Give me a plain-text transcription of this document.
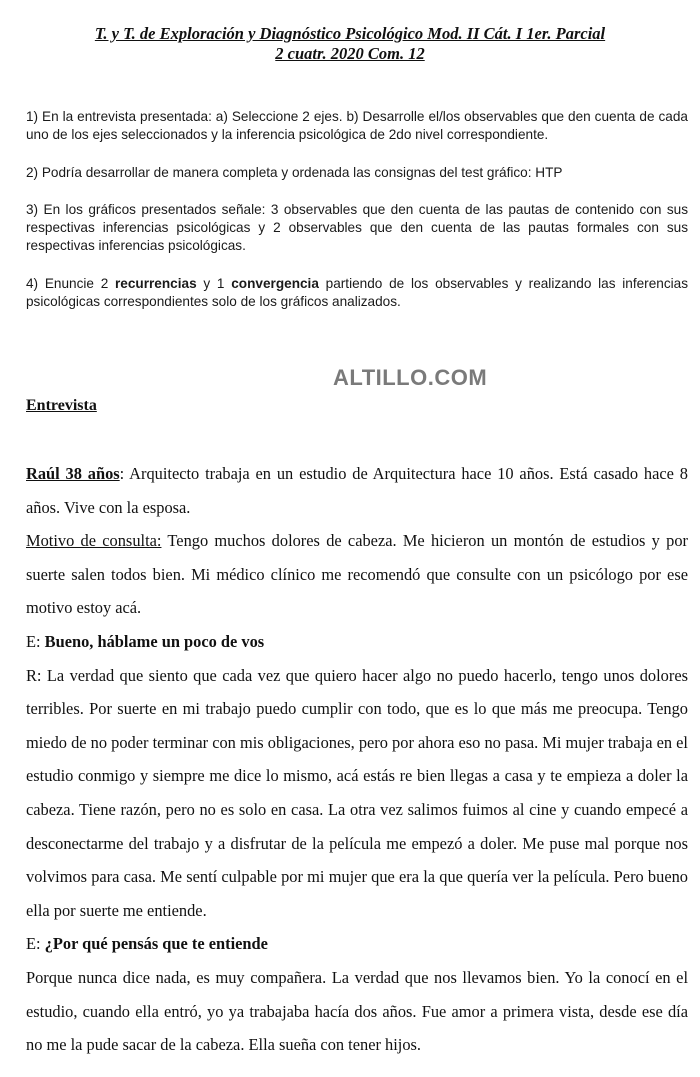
T. y T. de Exploración y Diagnóstico Psicológico Mod. II Cát. I 1er. Parcial
2 cuatr. 2020 Com. 12

1) En la entrevista presentada: a) Seleccione 2 ejes. b) Desarrolle el/los observables que den cuenta de cada uno de los ejes seleccionados y la inferencia psicológica de 2do nivel correspondiente.

2) Podría desarrollar de manera completa y ordenada las consignas del test gráfico: HTP

3) En los gráficos presentados señale: 3 observables que den cuenta de las pautas de contenido con sus respectivas inferencias psicológicas y 2 observables que den cuenta de las pautas formales con sus respectivas inferencias psicológicas.

4) Enuncie 2 recurrencias y 1 convergencia partiendo de los observables y realizando las inferencias psicológicas correspondientes solo de los gráficos analizados.

ALTILLO.COM
Entrevista

Raúl 38 años: Arquitecto trabaja en un estudio de Arquitectura hace 10 años. Está casado hace 8 años. Vive con la esposa.

Motivo de consulta: Tengo muchos dolores de cabeza. Me hicieron un montón de estudios y por suerte salen todos bien. Mi médico clínico me recomendó que consulte con un psicólogo por ese motivo estoy acá.

E: Bueno, háblame un poco de vos

R: La verdad que siento que cada vez que quiero hacer algo no puedo hacerlo, tengo unos dolores terribles. Por suerte en mi trabajo puedo cumplir con todo, que es lo que más me preocupa. Tengo miedo de no poder terminar con mis obligaciones, pero por ahora eso no pasa. Mi mujer trabaja en el estudio conmigo y siempre me dice lo mismo, acá estás re bien llegas a casa y te empieza a doler la cabeza. Tiene razón, pero no es solo en casa. La otra vez salimos fuimos al cine y cuando empecé a desconectarme del trabajo y a disfrutar de la película me empezó a doler. Me puse mal porque nos volvimos para casa. Me sentí culpable por mi mujer que era la que quería ver la película. Pero bueno ella por suerte me entiende.

E: ¿Por qué pensás que te entiende

Porque nunca dice nada, es muy compañera. La verdad que nos llevamos bien. Yo la conocí en el estudio, cuando ella entró, yo ya trabajaba hacía dos años. Fue amor a primera vista, desde ese día no me la pude sacar de la cabeza. Ella sueña con tener hijos.
